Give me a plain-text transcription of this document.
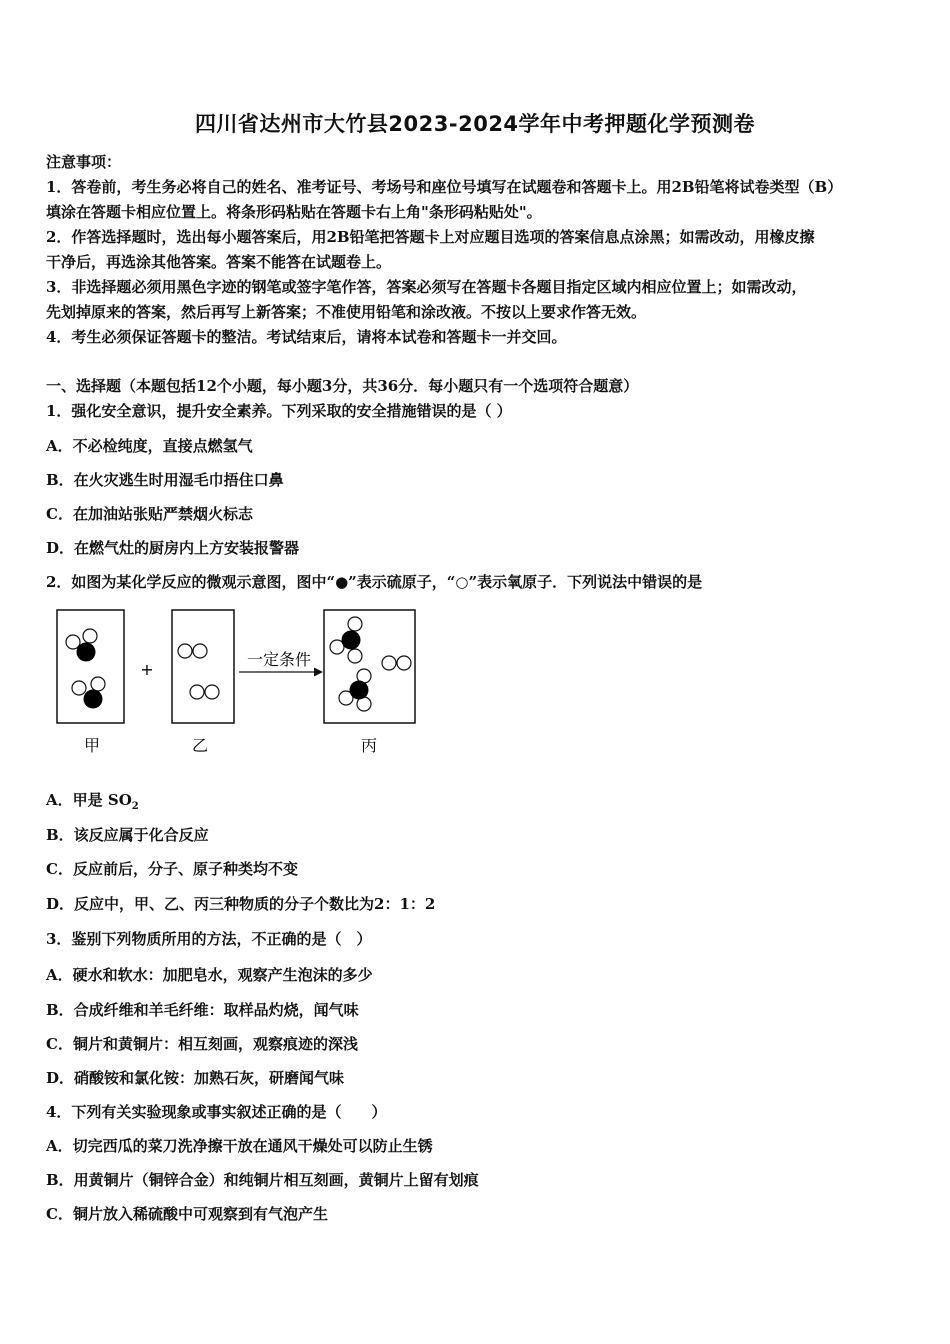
四川省达州市大竹县2023-2024学年中考押题化学预测卷
注意事项：
1．答卷前，考生务必将自己的姓名、准考证号、考场号和座位号填写在试题卷和答题卡上。用2B铅笔将试卷类型（B）
填涂在答题卡相应位置上。将条形码粘贴在答题卡右上角"条形码粘贴处"。
2．作答选择题时，选出每小题答案后，用2B铅笔把答题卡上对应题目选项的答案信息点涂黑；如需改动，用橡皮擦
干净后，再选涂其他答案。答案不能答在试题卷上。
3．非选择题必须用黑色字迹的钢笔或签字笔作答，答案必须写在答题卡各题目指定区域内相应位置上；如需改动，
先划掉原来的答案，然后再写上新答案；不准使用铅笔和涂改液。不按以上要求作答无效。
4．考生必须保证答题卡的整洁。考试结束后，请将本试卷和答题卡一并交回。
一、选择题（本题包括12个小题，每小题3分，共36分．每小题只有一个选项符合题意）
1．强化安全意识，提升安全素养。下列采取的安全措施错误的是（ ）
A．不必检纯度，直接点燃氢气
B．在火灾逃生时用湿毛巾捂住口鼻
C．在加油站张贴严禁烟火标志
D．在燃气灶的厨房内上方安装报警器
2．如图为某化学反应的微观示意图，图中“●”表示硫原子，“○”表示氧原子．下列说法中错误的是
+
一定条件
甲	乙	丙
A．甲是 $SO_2$
B．该反应属于化合反应
C．反应前后，分子、原子种类均不变
D．反应中，甲、乙、丙三种物质的分子个数比为2：1：2
3．鉴别下列物质所用的方法，不正确的是（　）
A．硬水和软水：加肥皂水，观察产生泡沫的多少
B．合成纤维和羊毛纤维：取样品灼烧，闻气味
C．铜片和黄铜片：相互刻画，观察痕迹的深浅
D．硝酸铵和氯化铵：加熟石灰，研磨闻气味
4．下列有关实验现象或事实叙述正确的是（　　）
A．切完西瓜的菜刀洗净擦干放在通风干燥处可以防止生锈
B．用黄铜片（铜锌合金）和纯铜片相互刻画，黄铜片上留有划痕
C．铜片放入稀硫酸中可观察到有气泡产生
